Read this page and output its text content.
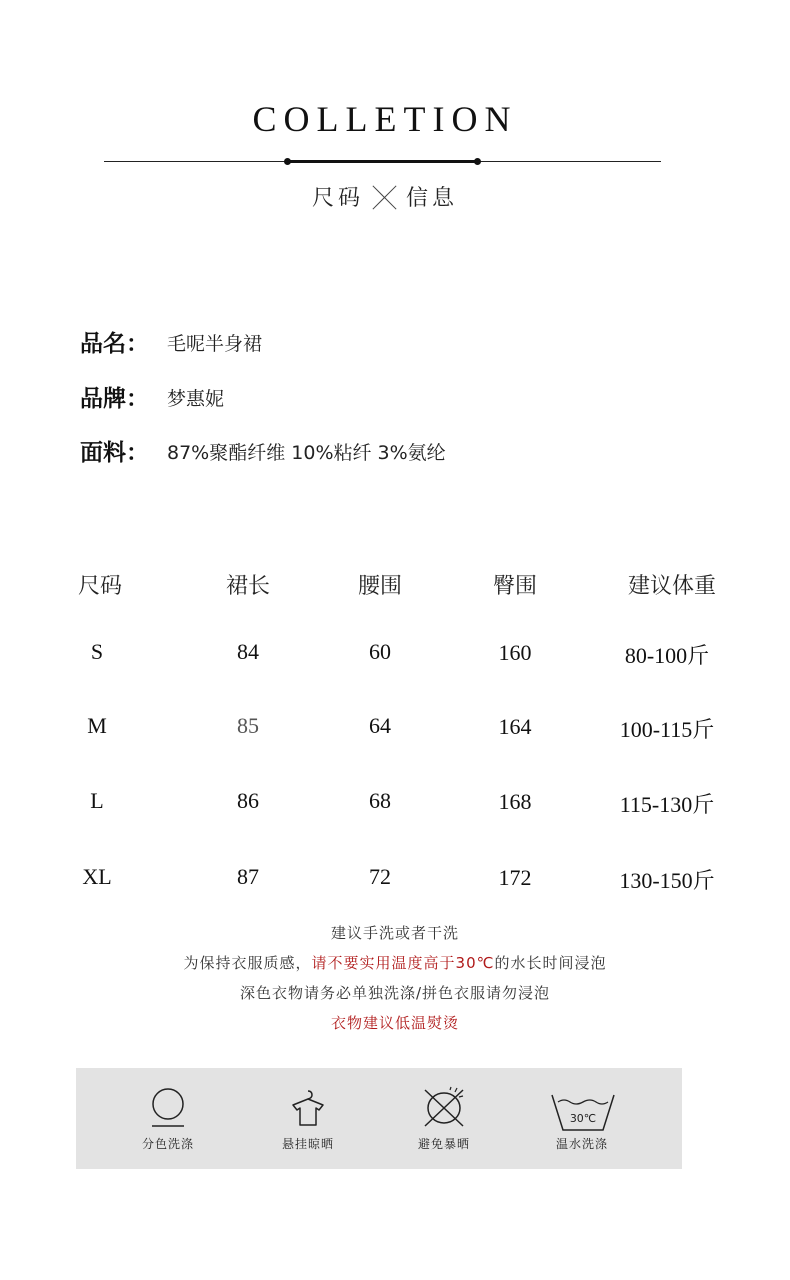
COLLETION
尺码 信息
品名： 毛呢半身裙
品牌： 梦惠妮
面料： 87%聚酯纤维 10%粘纤 3%氨纶
尺码	裙长	腰围	臀围	建议体重
S	84	60	160	80-100斤
M	85	64	164	100-115斤
L	86	68	168	115-130斤
XL	87	72	172	130-150斤
建议手洗或者干洗
为保持衣服质感，请不要实用温度高于30℃的水长时间浸泡
深色衣物请务必单独洗涤/拼色衣服请勿浸泡
衣物建议低温熨烫
分色洗涤	悬挂晾晒	避免暴晒
30℃
温水洗涤
